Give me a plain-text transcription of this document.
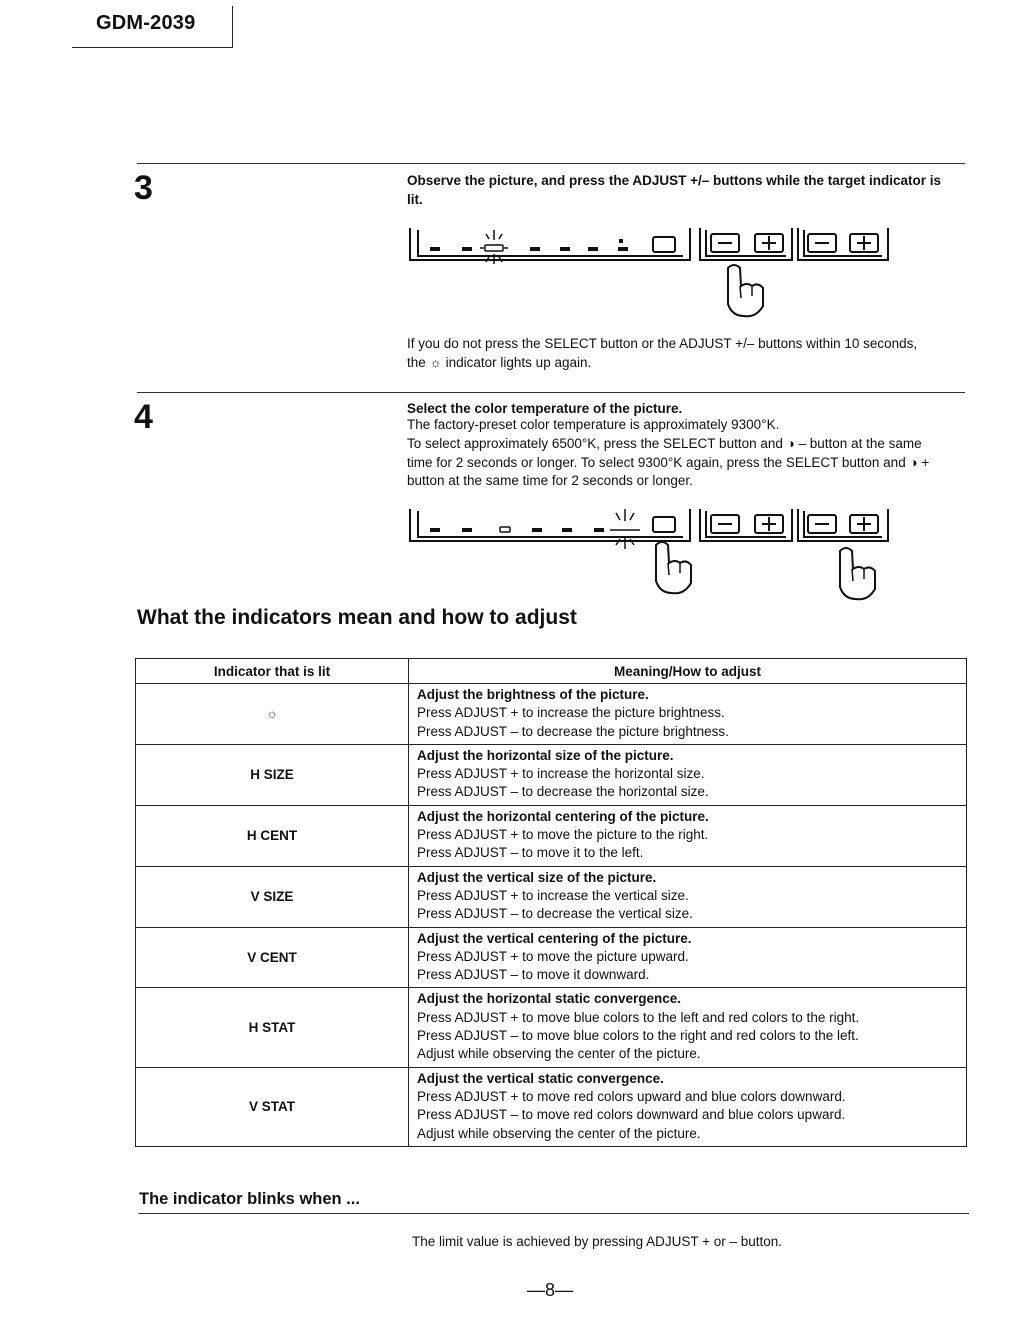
GDM-2039
3	Observe the picture, and press the ADJUST +/– buttons while the target indicator is lit.
If you do not press the SELECT button or the ADJUST +/– buttons within 10 seconds, the ☼ indicator lights up again.
4	Select the color temperature of the picture.
The factory-preset color temperature is approximately 9300°K.
To select approximately 6500°K, press the SELECT button and ◑ – button at the same time for 2 seconds or longer. To select 9300°K again, press the SELECT button and ◑ + button at the same time for 2 seconds or longer.
What the indicators mean and how to adjust
Indicator that is lit	Meaning/How to adjust
☼	Adjust the brightness of the picture.
Press ADJUST + to increase the picture brightness.
Press ADJUST – to decrease the picture brightness.

H SIZE	Adjust the horizontal size of the picture.
Press ADJUST + to increase the horizontal size.
Press ADJUST – to decrease the horizontal size.

H CENT	Adjust the horizontal centering of the picture.
Press ADJUST + to move the picture to the right.
Press ADJUST – to move it to the left.

V SIZE	Adjust the vertical size of the picture.
Press ADJUST + to increase the vertical size.
Press ADJUST – to decrease the vertical size.

V CENT	Adjust the vertical centering of the picture.
Press ADJUST + to move the picture upward.
Press ADJUST – to move it downward.

H STAT	Adjust the horizontal static convergence.
Press ADJUST + to move blue colors to the left and red colors to the right.
Press ADJUST – to move blue colors to the right and red colors to the left.
Adjust while observing the center of the picture.

V STAT	Adjust the vertical static convergence.
Press ADJUST + to move red colors upward and blue colors downward.
Press ADJUST – to move red colors downward and blue colors upward.
Adjust while observing the center of the picture.
The indicator blinks when ...
The limit value is achieved by pressing ADJUST + or – button.
—8—
